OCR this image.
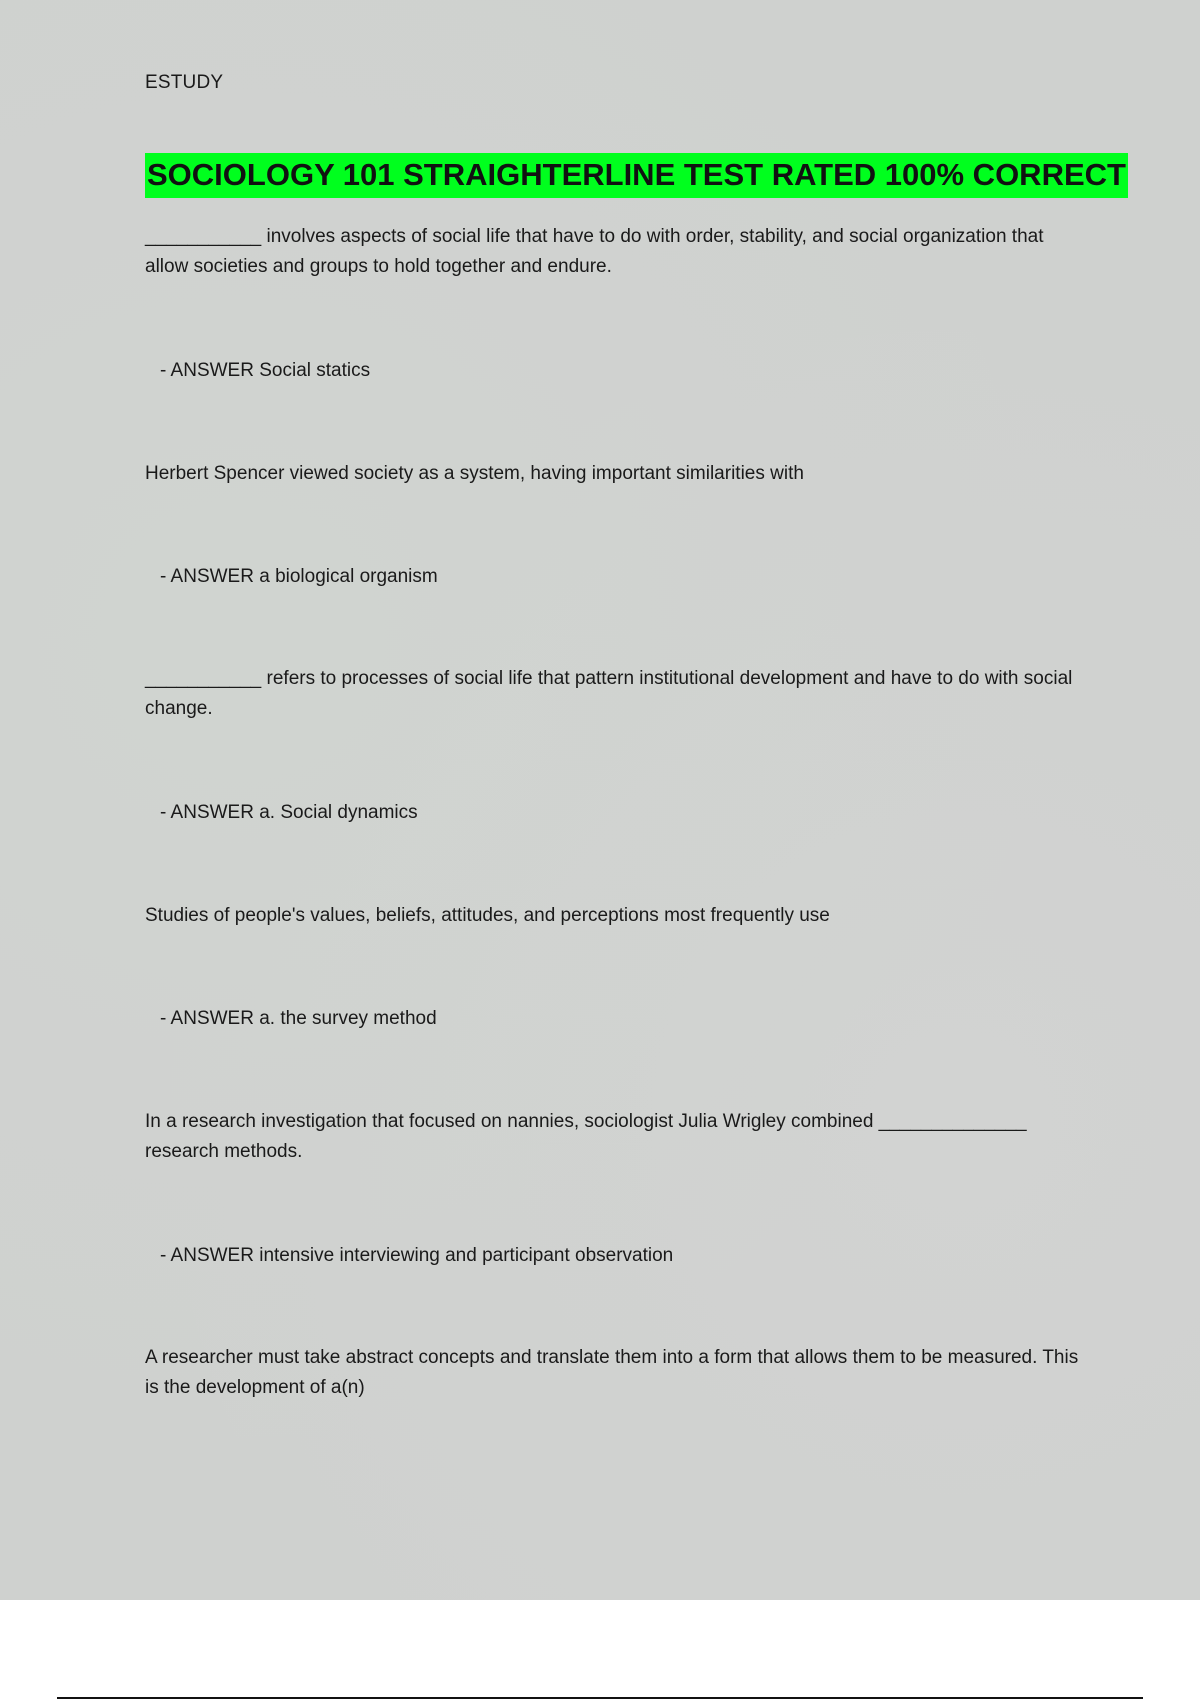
ESTUDY
SOCIOLOGY 101 STRAIGHTERLINE TEST RATED 100% CORRECT
___________ involves aspects of social life that have to do with order, stability, and social organization that allow societies and groups to hold together and endure.
- ANSWER Social statics
Herbert Spencer viewed society as a system, having important similarities with
- ANSWER a biological organism
___________ refers to processes of social life that pattern institutional development and have to do with social change.
- ANSWER a. Social dynamics
Studies of people's values, beliefs, attitudes, and perceptions most frequently use
- ANSWER a. the survey method
In a research investigation that focused on nannies, sociologist Julia Wrigley combined ______________ research methods.
- ANSWER intensive interviewing and participant observation
A researcher must take abstract concepts and translate them into a form that allows them to be measured. This is the development of a(n)
